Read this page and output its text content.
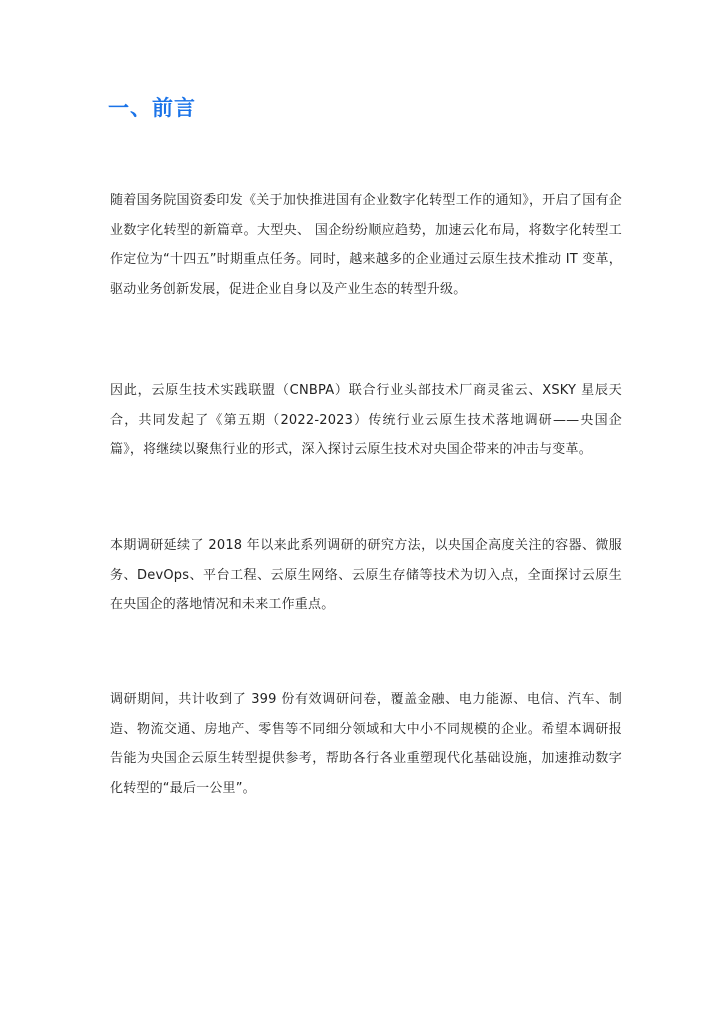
一、前言

随着国务院国资委印发《关于加快推进国有企业数字化转型工作的通知》，开启了国有企业数字化转型的新篇章。大型央、 国企纷纷顺应趋势，加速云化布局，将数字化转型工作定位为“十四五”时期重点任务。同时，越来越多的企业通过云原生技术推动 IT 变革，驱动业务创新发展，促进企业自身以及产业生态的转型升级。

因此，云原生技术实践联盟（CNBPA）联合行业头部技术厂商灵雀云、XSKY 星辰天合，共同发起了《第五期（2022-2023）传统行业云原生技术落地调研——央国企篇》，将继续以聚焦行业的形式，深入探讨云原生技术对央国企带来的冲击与变革。

本期调研延续了 2018 年以来此系列调研的研究方法，以央国企高度关注的容器、微服务、DevOps、平台工程、云原生网络、云原生存储等技术为切入点，全面探讨云原生在央国企的落地情况和未来工作重点。

调研期间，共计收到了 399 份有效调研问卷，覆盖金融、电力能源、电信、汽车、制造、物流交通、房地产、零售等不同细分领域和大中小不同规模的企业。希望本调研报告能为央国企云原生转型提供参考，帮助各行各业重塑现代化基础设施，加速推动数字化转型的“最后一公里”。
